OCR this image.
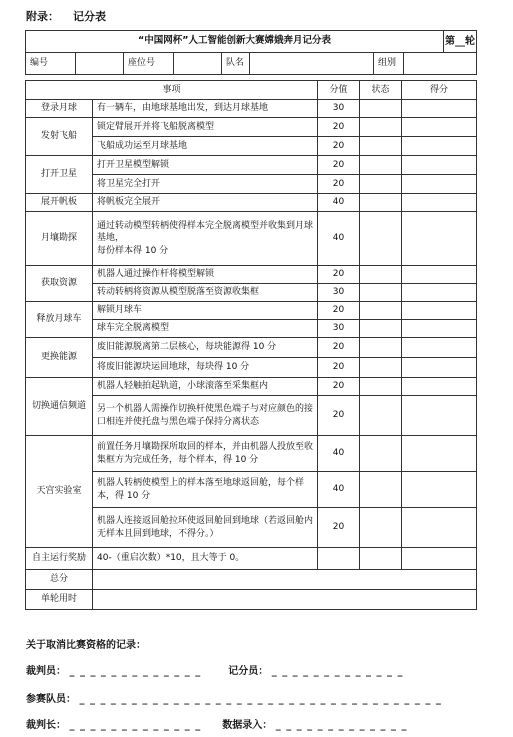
附录： 记分表
“中国网杯”人工智能创新大赛嫦娥奔月记分表								第__轮
编号		座位号		队名		组别		
事项		分值	状态	得分
登录月球	有一辆车，由地球基地出发，到达月球基地	30		
发射飞船	锁定臂展开并将飞船脱离模型	20		
	飞船成功运至月球基地	20		
打开卫星	打开卫星模型解锁	20		
	将卫星完全打开	20		
展开帆板	将帆板完全展开	40		
月壤勘探	通过转动模型转柄使得样本完全脱离模型并收集到月球基地，
每份样本得 10 分	40		
获取资源	机器人通过操作杆将模型解锁	20		
	转动转柄将资源从模型脱落至资源收集框	30		
释放月球车	解锁月球车	20		
	球车完全脱离模型	30		
更换能源	废旧能源脱离第二层核心，每块能源得 10 分	20		
	将废旧能源块运回地球，每块得 10 分	20		
切换通信频道	机器人轻触拍起轨道，小球滚落至采集框内	20		
	另一个机器人需操作切换杆使黑色端子与对应颜色的接口相连并使托盘与黑色端子保持分离状态	20		
天宫实验室	前置任务月壤勘探所取回的样本，并由机器人投放至收集框方为完成任务，每个样本，得 10 分	40		
	机器人转柄使模型上的样本落至地球返回舱，每个样本，得 10 分	40		
	机器人连接返回舱拉环使返回舱回到地球（若返回舱内无样本且回到地球，不得分。）	20		
自主运行奖励	40-（重启次数）*10，且大等于 0。			
总分				
单轮用时				
关于取消比赛资格的记录：
裁判员： _ _ _ _ _ _ _ _ _ _ _ _ _	记分员： _ _ _ _ _ _ _ _ _ _ _ _ _
参赛队员： _ _ _ _ _ _ _ _ _ _ _ _ _ _ _ _ _ _ _ _ _ _ _ _ _ _ _ _ _ _ _ _ _ _ _
裁判长： _ _ _ _ _ _ _ _ _ _ _ _ _ 数据录入： _ _ _ _ _ _ _ _ _ _ _ _ _
